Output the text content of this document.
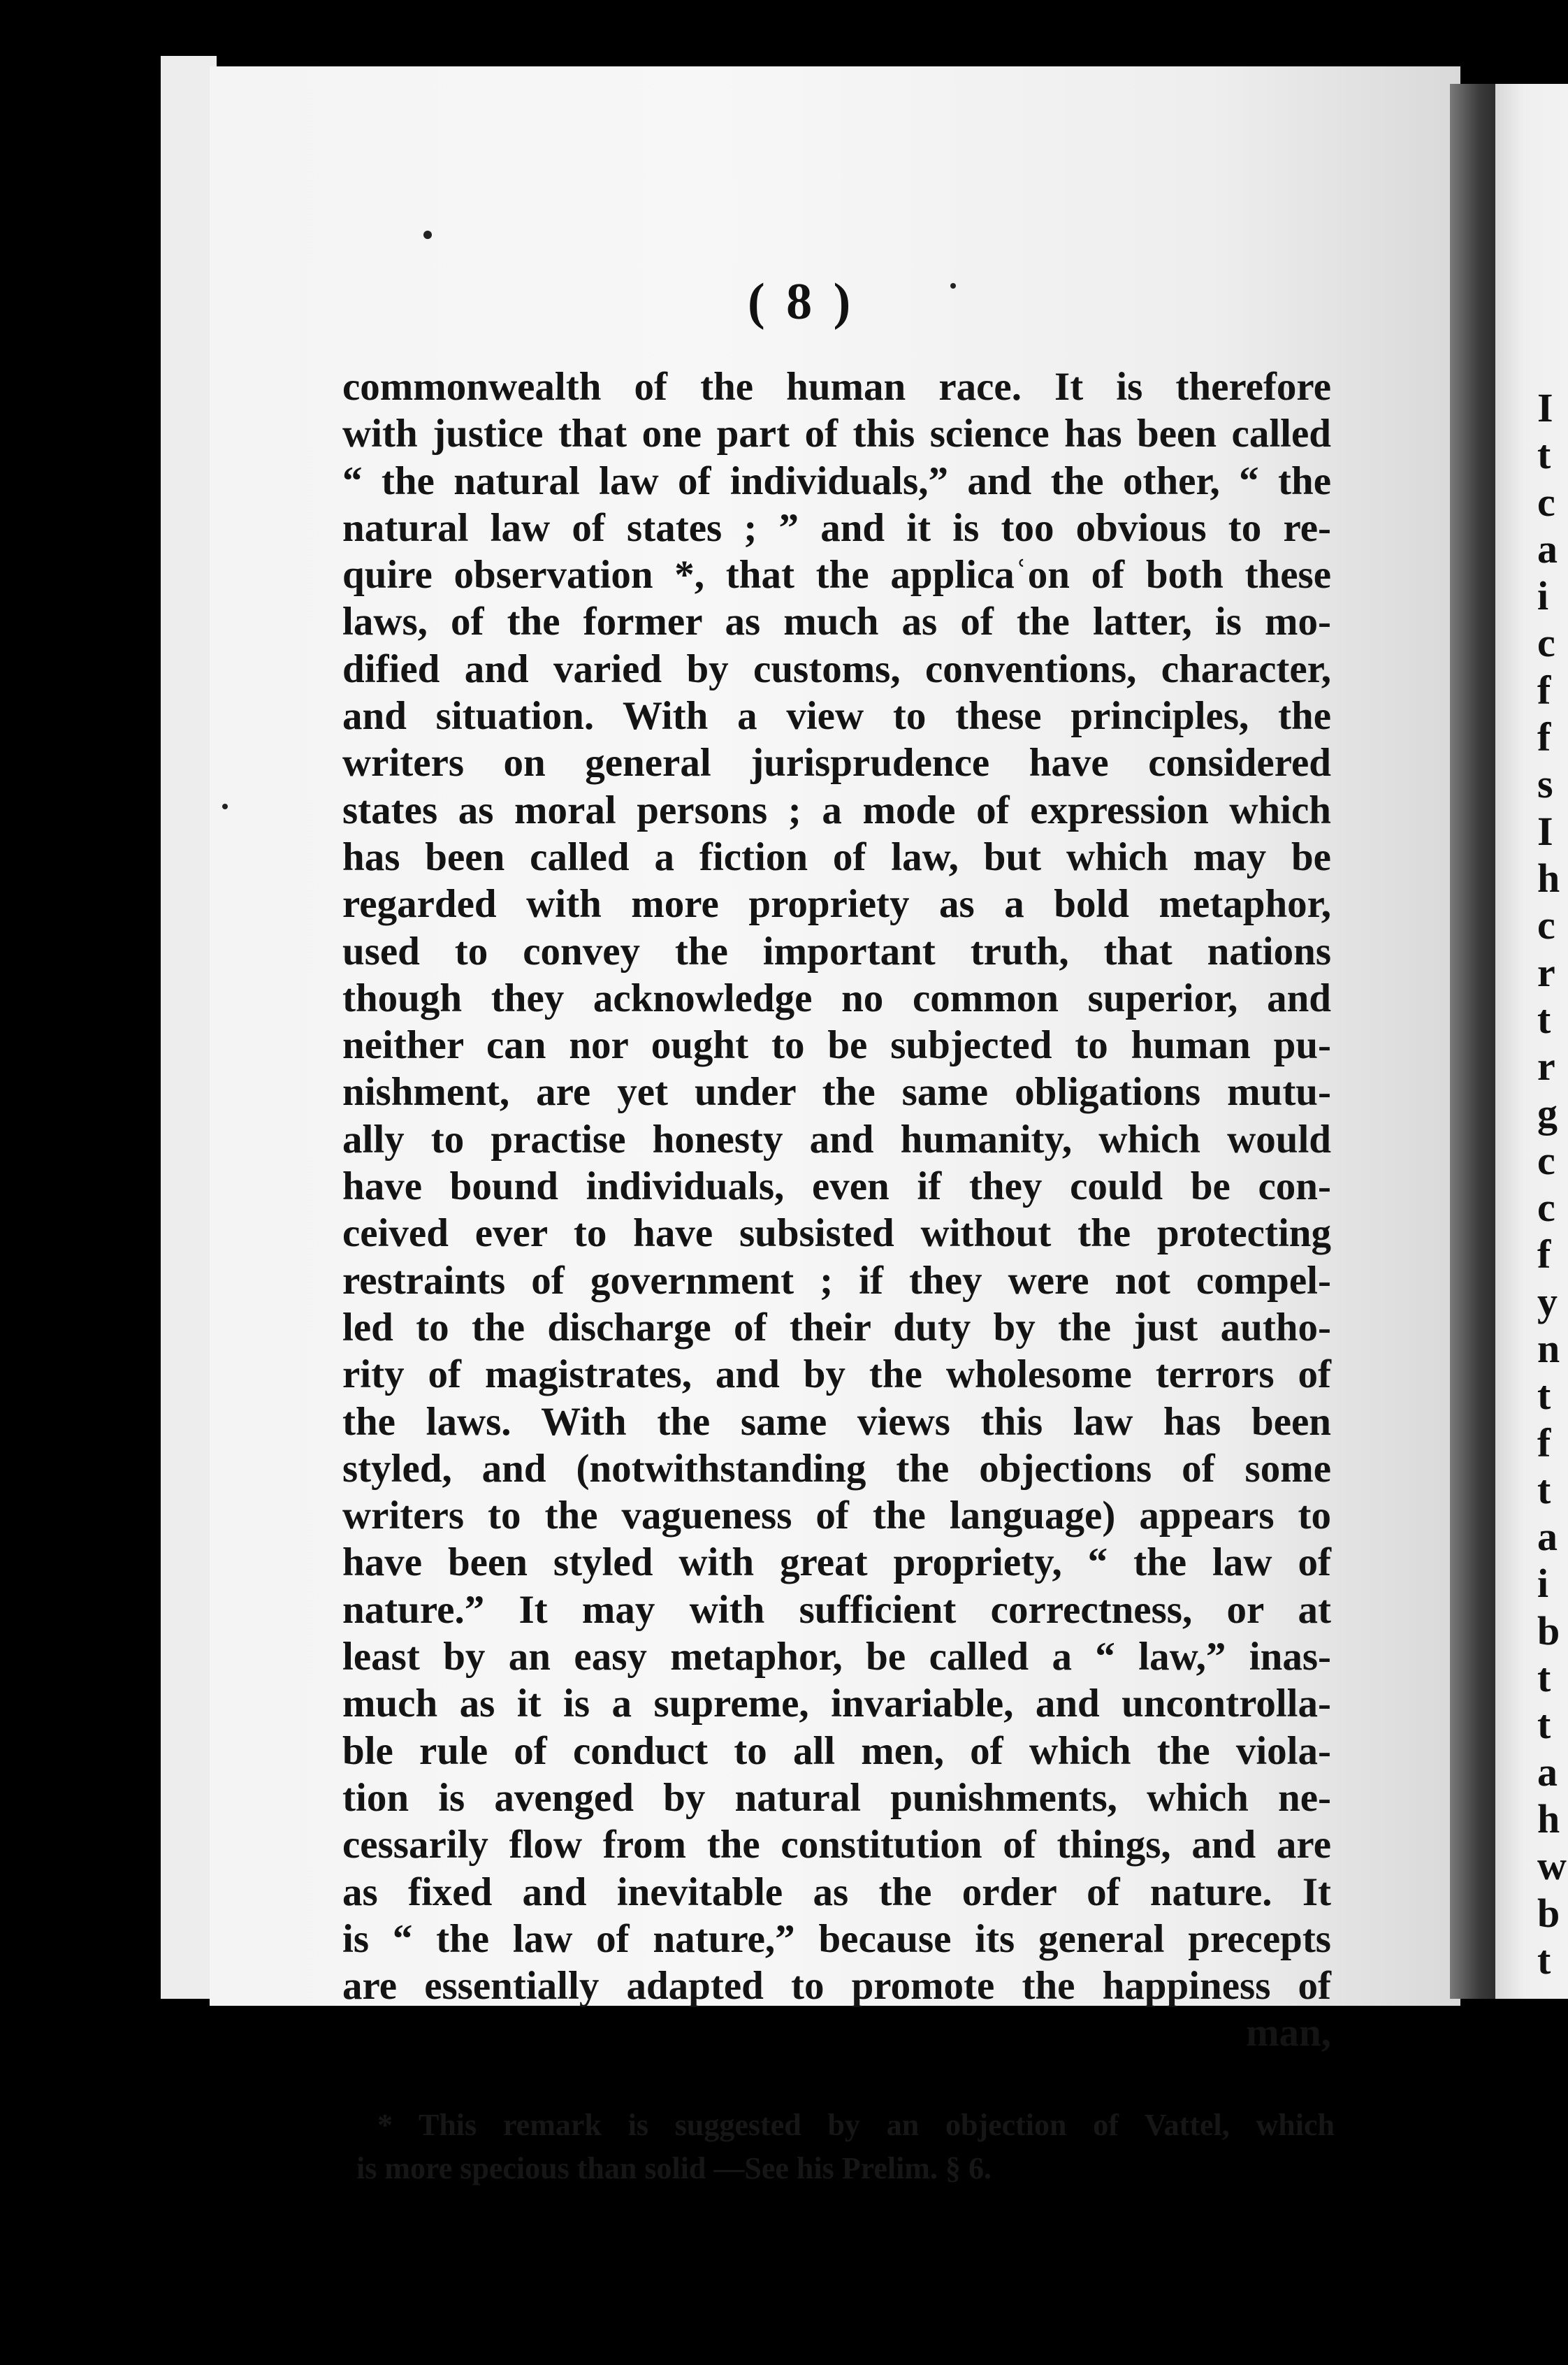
I
t
c
a
i
c
f
f
s
I
h
c
r
t
r
g
c
c
f
y
n
t
f
t
a
i
b
t
t
a
h
w
b
t
( 8 )
commonwealth of the human race. It is therefore
with justice that one part of this science has been called
“ the natural law of individuals,” and the other, “ the
natural law of states ; ” and it is too obvious to re-
quire observation *, that the applicaʿon of both these
laws, of the former as much as of the latter, is mo-
dified and varied by customs, conventions, character,
and situation. With a view to these principles, the
writers on general jurisprudence have considered
states as moral persons ; a mode of expression which
has been called a fiction of law, but which may be
regarded with more propriety as a bold metaphor,
used to convey the important truth, that nations
though they acknowledge no common superior, and
neither can nor ought to be subjected to human pu-
nishment, are yet under the same obligations mutu-
ally to practise honesty and humanity, which would
have bound individuals, even if they could be con-
ceived ever to have subsisted without the protecting
restraints of government ; if they were not compel-
led to the discharge of their duty by the just autho-
rity of magistrates, and by the wholesome terrors of
the laws. With the same views this law has been
styled, and (notwithstanding the objections of some
writers to the vagueness of the language) appears to
have been styled with great propriety, “ the law of
nature.” It may with sufficient correctness, or at
least by an easy metaphor, be called a “ law,” inas-
much as it is a supreme, invariable, and uncontrolla-
ble rule of conduct to all men, of which the viola-
tion is avenged by natural punishments, which ne-
cessarily flow from the constitution of things, and are
as fixed and inevitable as the order of nature. It
is “ the law of nature,” because its general precepts
are essentially adapted to promote the happiness of
man,
* This remark is suggested by an objection of Vattel, which
is more specious than solid —See his Prelim. § 6.
